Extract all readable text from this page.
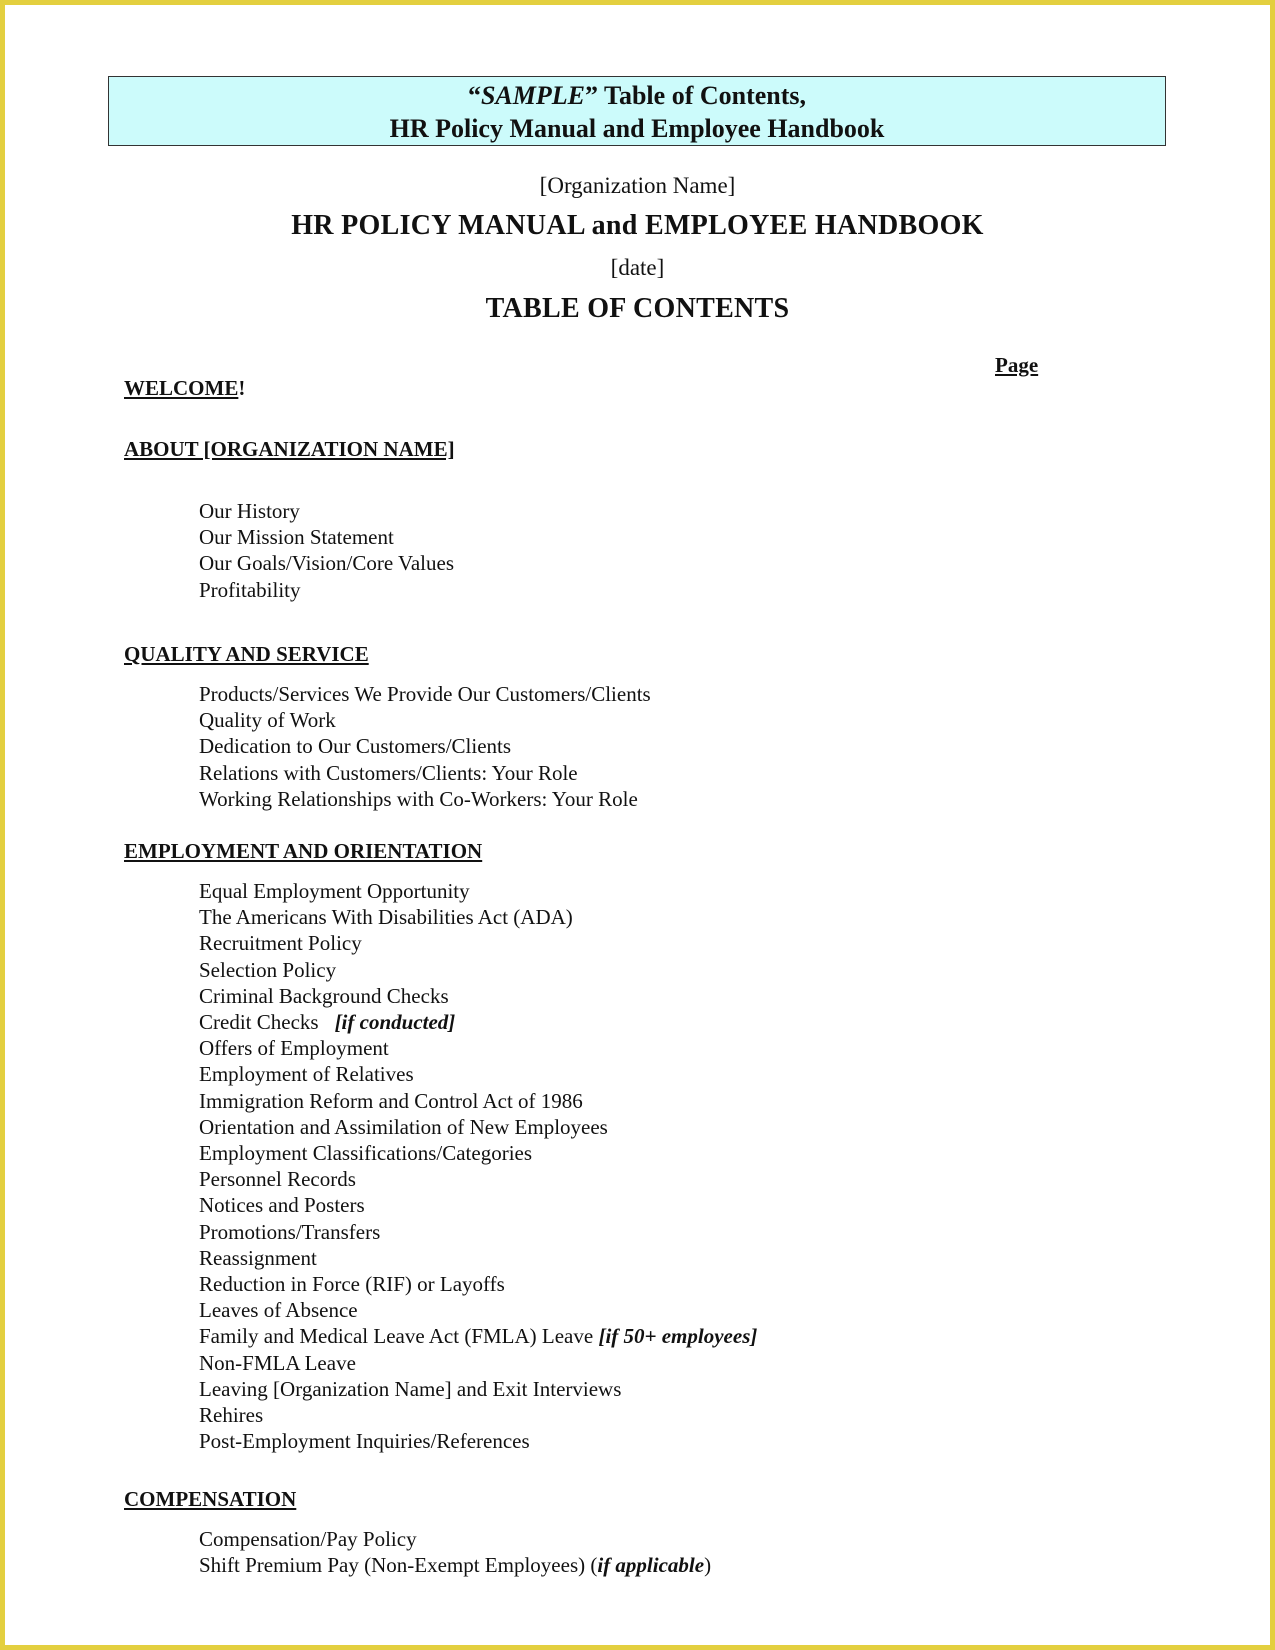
“SAMPLE” Table of Contents,
HR Policy Manual and Employee Handbook
[Organization Name]
HR POLICY MANUAL and EMPLOYEE HANDBOOK
[date]
TABLE OF CONTENTS
Page
WELCOME!
ABOUT [ORGANIZATION NAME]
Our History
Our Mission Statement
Our Goals/Vision/Core Values
Profitability
QUALITY AND SERVICE
Products/Services We Provide Our Customers/Clients
Quality of Work
Dedication to Our Customers/Clients
Relations with Customers/Clients: Your Role
Working Relationships with Co-Workers: Your Role
EMPLOYMENT AND ORIENTATION
Equal Employment Opportunity
The Americans With Disabilities Act (ADA)
Recruitment Policy
Selection Policy
Criminal Background Checks
Credit Checks [if conducted]
Offers of Employment
Employment of Relatives
Immigration Reform and Control Act of 1986
Orientation and Assimilation of New Employees
Employment Classifications/Categories
Personnel Records
Notices and Posters
Promotions/Transfers
Reassignment
Reduction in Force (RIF) or Layoffs
Leaves of Absence
Family and Medical Leave Act (FMLA) Leave [if 50+ employees]
Non-FMLA Leave
Leaving [Organization Name] and Exit Interviews
Rehires
Post-Employment Inquiries/References
COMPENSATION
Compensation/Pay Policy
Shift Premium Pay (Non-Exempt Employees) (if applicable)
